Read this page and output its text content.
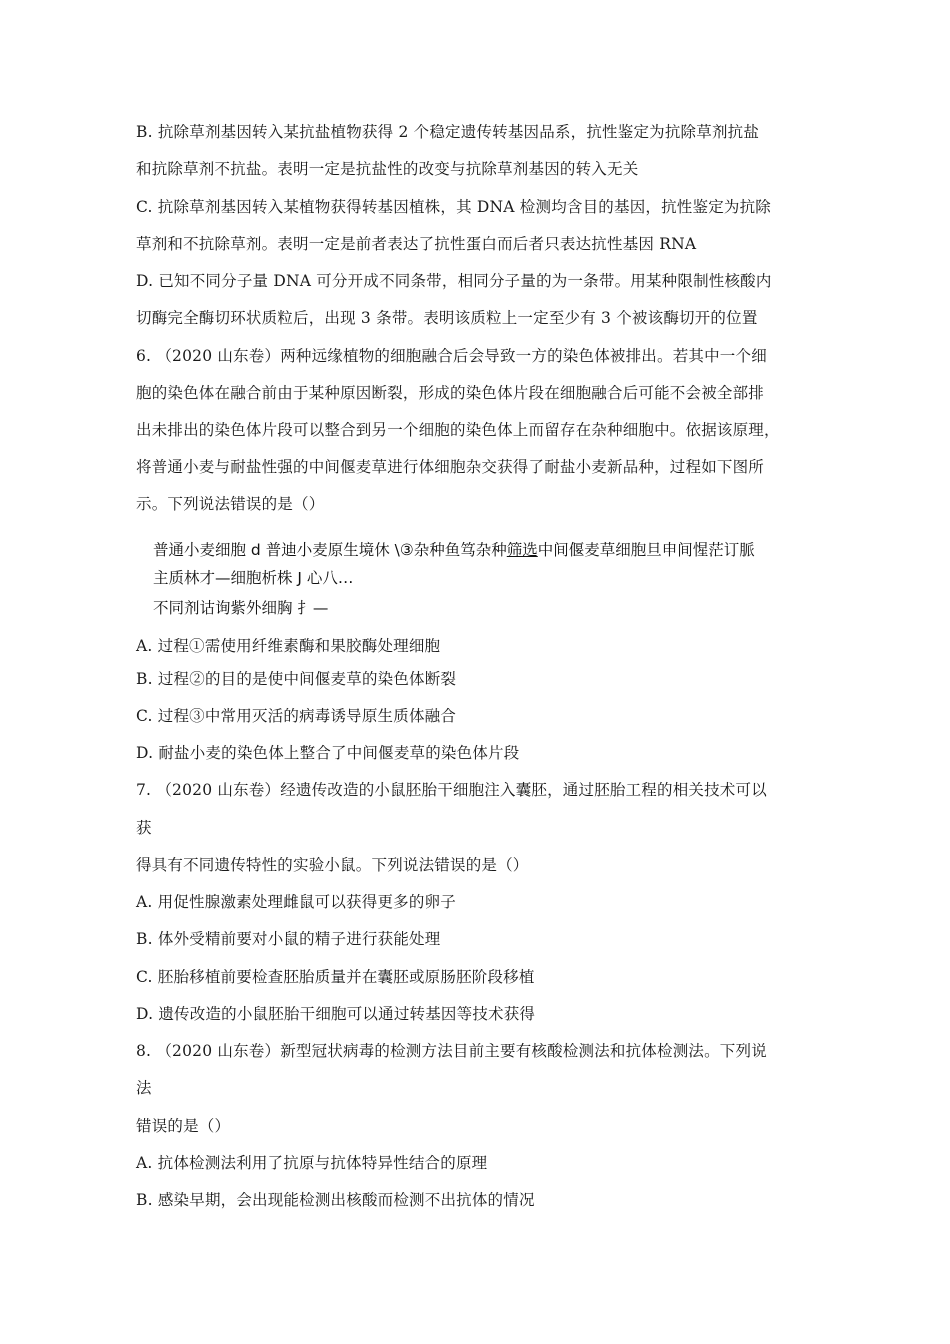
B. 抗除草剂基因转入某抗盐植物获得 2 个稳定遗传转基因品系，抗性鉴定为抗除草剂抗盐
和抗除草剂不抗盐。表明一定是抗盐性的改变与抗除草剂基因的转入无关
C. 抗除草剂基因转入某植物获得转基因植株，其 DNA 检测均含目的基因，抗性鉴定为抗除
草剂和不抗除草剂。表明一定是前者表达了抗性蛋白而后者只表达抗性基因 RNA
D. 已知不同分子量 DNA 可分开成不同条带，相同分子量的为一条带。用某种限制性核酸内
切酶完全酶切环状质粒后，出现 3 条带。表明该质粒上一定至少有 3 个被该酶切开的位置
6. （2020 山东卷）两种远缘植物的细胞融合后会导致一方的染色体被排出。若其中一个细
胞的染色体在融合前由于某种原因断裂，形成的染色体片段在细胞融合后可能不会被全部排
出未排出的染色体片段可以整合到另一个细胞的染色体上而留存在杂种细胞中。依据该原理，
将普通小麦与耐盐性强的中间偃麦草进行体细胞杂交获得了耐盐小麦新品种，过程如下图所
示。下列说法错误的是（）
普通小麦细胞 d 普迪小麦原生境休 \③杂种鱼笃杂种筛选中间偃麦草细胞旦申间惺茫订脈
主质林才—细胞析株 J 心八…
不同剂诂询紫外细胸 扌—
A. 过程①需使用纤维素酶和果胶酶处理细胞
B. 过程②的目的是使中间偃麦草的染色体断裂
C. 过程③中常用灭活的病毒诱导原生质体融合
D. 耐盐小麦的染色体上整合了中间偃麦草的染色体片段
7. （2020 山东卷）经遗传改造的小鼠胚胎干细胞注入囊胚，通过胚胎工程的相关技术可以
获
得具有不同遗传特性的实验小鼠。下列说法错误的是（）
A. 用促性腺激素处理雌鼠可以获得更多的卵子
B. 体外受精前要对小鼠的精子进行获能处理
C. 胚胎移植前要检查胚胎质量并在囊胚或原肠胚阶段移植
D. 遗传改造的小鼠胚胎干细胞可以通过转基因等技术获得
8. （2020 山东卷）新型冠状病毒的检测方法目前主要有核酸检测法和抗体检测法。下列说
法
错误的是（）
A. 抗体检测法利用了抗原与抗体特异性结合的原理
B. 感染早期，会出现能检测出核酸而检测不出抗体的情况
